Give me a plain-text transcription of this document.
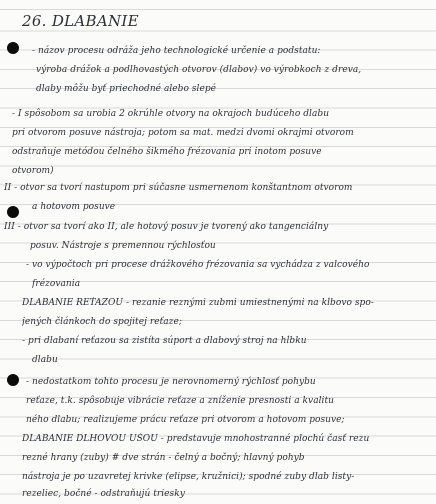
26. DLABANIE
- názov procesu odráža jeho technologické určenie a podstatu:
výroba drážok a podlhovastých otvorov (dlabov) vo výrobkoch z dreva,
dlaby môžu byť priechodné alebo slepé
- I spôsobom sa urobia 2 okrúhle otvory na okrajoch budúceho dlabu
pri otvorom posuve nástroja; potom sa mat. medzi dvomi okrajmi otvorom
odstraňuje metódou čelného šikmého frézovania pri inotom posuve
otvorom)
II - otvor sa tvorí nastupom pri súčasne usmernenom konštantnom otvorom
a hotovom posuve
III - otvor sa tvorí ako II, ale hotový posuv je tvorený ako tangenciálny
posuv. Nástroje s premennou rýchlosťou
- vo výpočtoch pri procese drážkového frézovania sa vychádza z valcového
frézovania
DLABANIE REŤAZOU - rezanie reznými zubmi umiestnenými na kĺbovo spo-
jených článkoch do spojitej reťaze;
- pri dlabaní reťazou sa zistíta súport a dlabový stroj na hĺbku
dlabu
- nedostatkom tohto procesu je nerovnomerný rýchlosť pohybu
reťaze, t.k. spôsobuje vibrácie reťaze a zníženie presnosti a kvalitu
ného dlabu; realizujeme prácu reťaze pri otvorom a hotovom posuve;
DLABANIE DLHOVOU UŠOU - predstavuje mnohostranné plochú časť rezu
rezné hrany (zuby) # dve strán - čelný a bočný; hlavný pohyb
nástroja je po uzavretej krivke (elipse, kružnici); spodné zuby dlab listy-
rezeliec, bočné - odstraňujú triesky
